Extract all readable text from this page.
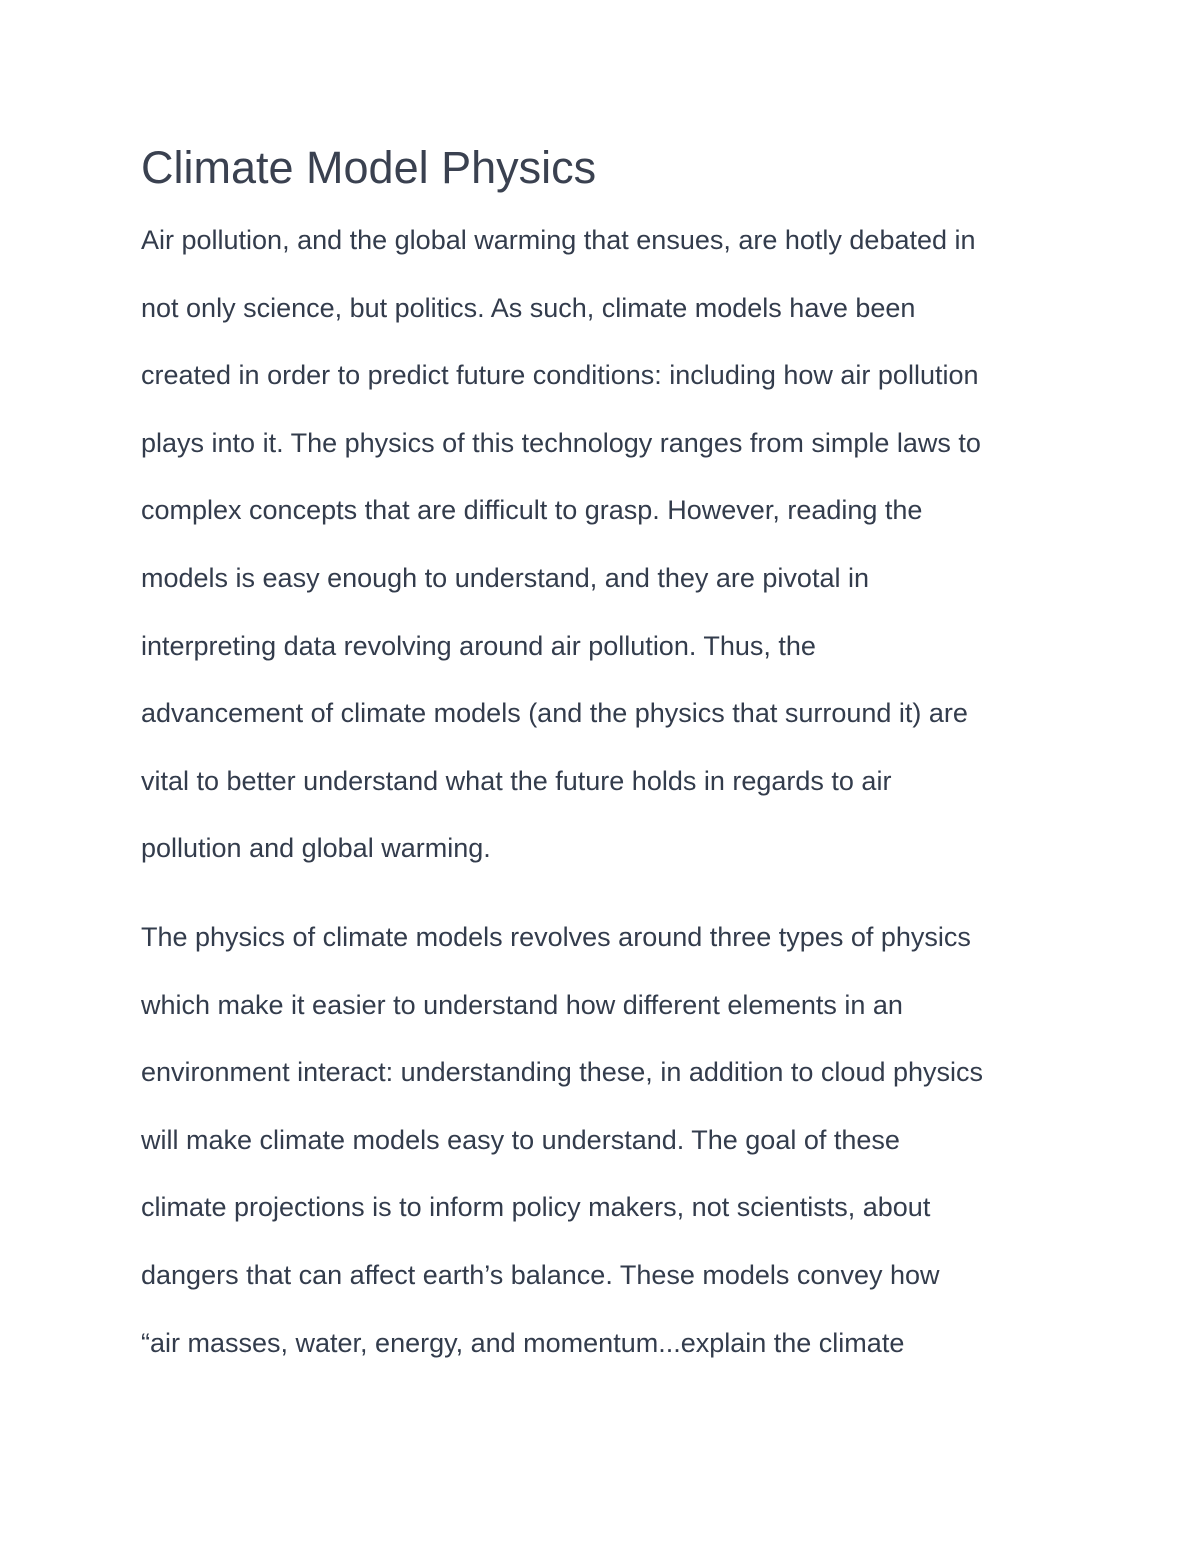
Climate Model Physics

Air pollution, and the global warming that ensues, are hotly debated in
not only science, but politics. As such, climate models have been
created in order to predict future conditions: including how air pollution
plays into it. The physics of this technology ranges from simple laws to
complex concepts that are difficult to grasp. However, reading the
models is easy enough to understand, and they are pivotal in
interpreting data revolving around air pollution. Thus, the
advancement of climate models (and the physics that surround it) are
vital to better understand what the future holds in regards to air
pollution and global warming.

The physics of climate models revolves around three types of physics
which make it easier to understand how different elements in an
environment interact: understanding these, in addition to cloud physics
will make climate models easy to understand. The goal of these
climate projections is to inform policy makers, not scientists, about
dangers that can affect earth’s balance. These models convey how
“air masses, water, energy, and momentum...explain the climate
